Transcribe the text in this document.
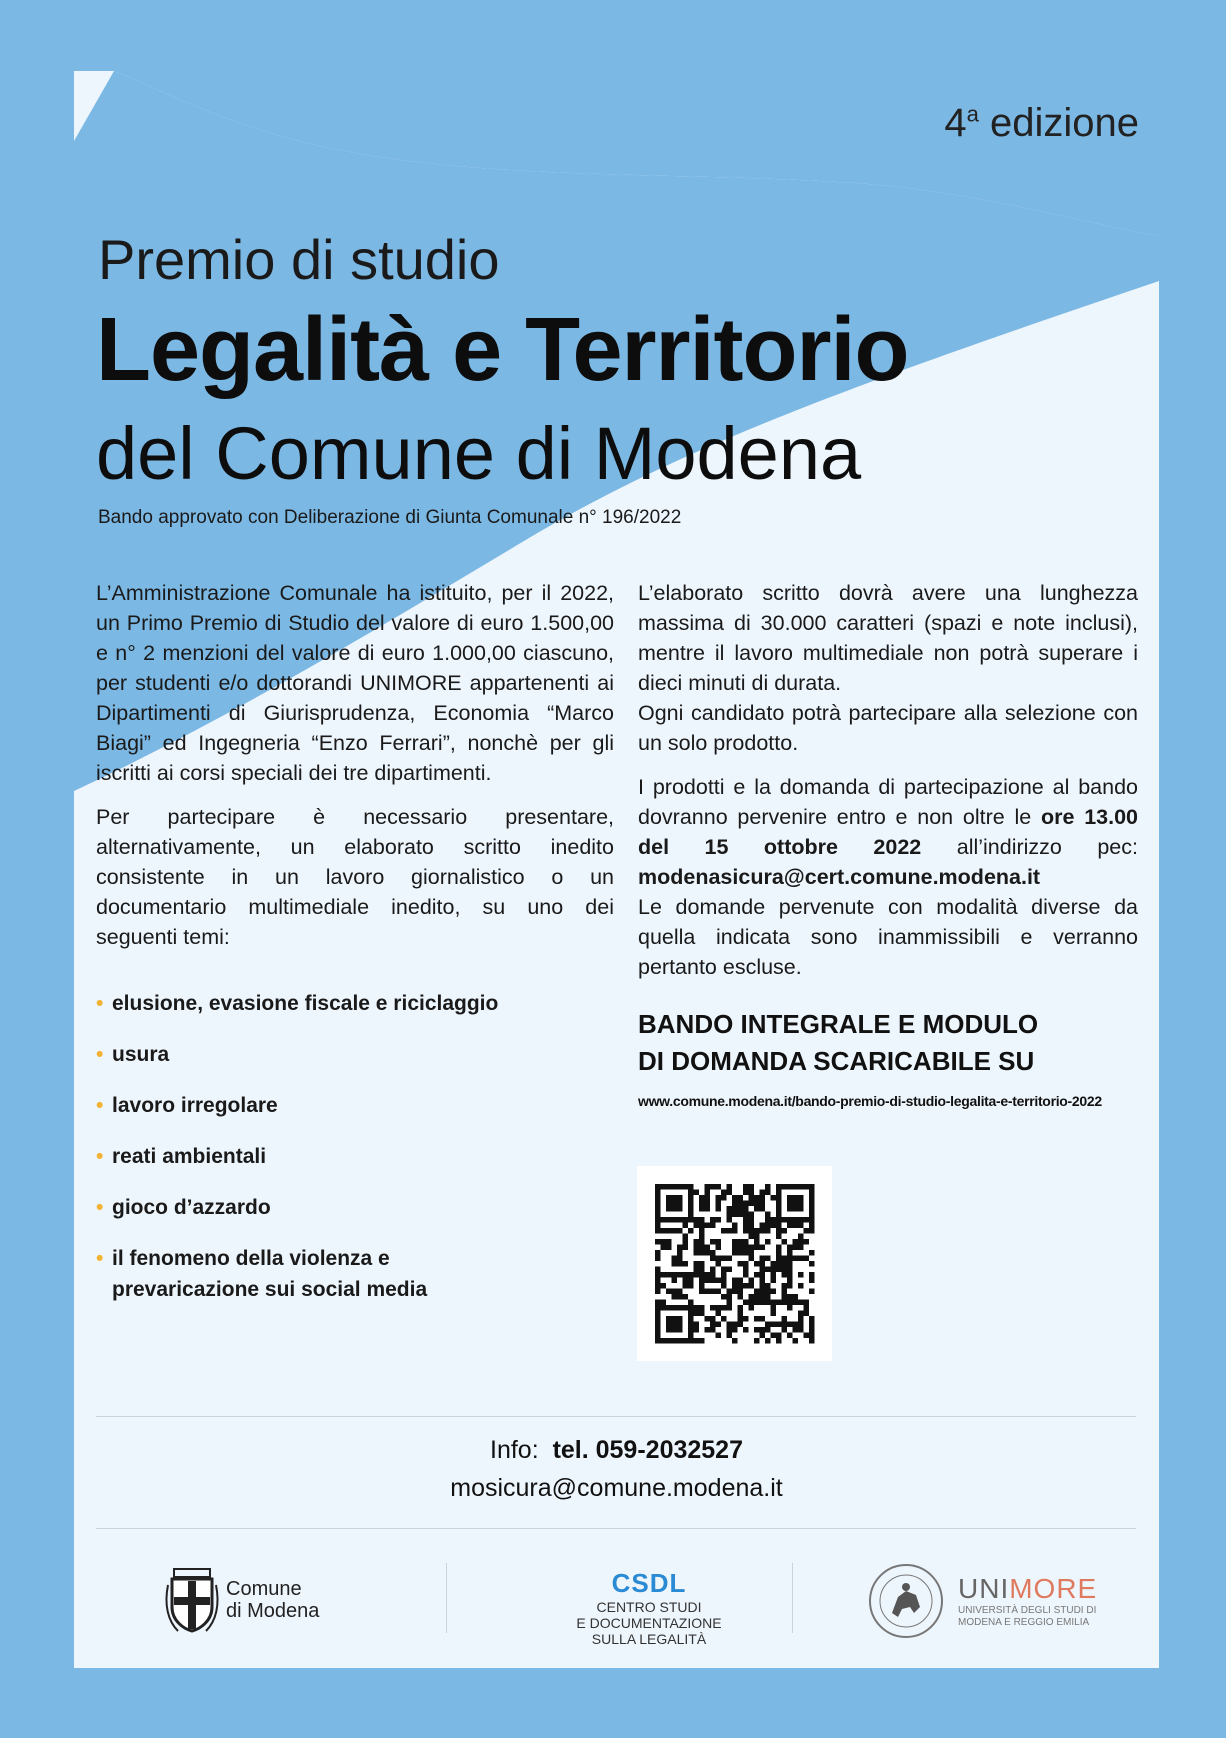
4$^a$ edizione
Premio di studio
Legalità e Territorio
del Comune di Modena
Bando approvato con Deliberazione di Giunta Comunale n° 196/2022

L’Amministrazione Comunale ha istituito, per il 2022, un Primo Premio di Studio del valore di euro 1.500,00 e n° 2 menzioni del valore di euro 1.000,00 ciascuno, per studenti e/o dottorandi UNIMORE appartenenti ai Dipartimenti di Giurisprudenza, Economia “Marco Biagi” ed Ingegneria “Enzo Ferrari”, nonchè per gli iscritti ai corsi speciali dei tre dipartimenti.

Per partecipare è necessario presentare, alternativamente, un elaborato scritto inedito consistente in un lavoro giornalistico o un documentario multimediale inedito, su uno dei seguenti temi:

• elusione, evasione fiscale e riciclaggio
• usura
• lavoro irregolare
• reati ambientali
• gioco d’azzardo
• il fenomeno della violenza e prevaricazione sui social media

L’elaborato scritto dovrà avere una lunghezza massima di 30.000 caratteri (spazi e note inclusi), mentre il lavoro multimediale non potrà superare i dieci minuti di durata.

Ogni candidato potrà partecipare alla selezione con un solo prodotto.

I prodotti e la domanda di partecipazione al bando dovranno pervenire entro e non oltre le ore 13.00 del 15 ottobre 2022 all’indirizzo pec: modenasicura@cert.comune.modena.it

Le domande pervenute con modalità diverse da quella indicata sono inammissibili e verranno pertanto escluse.

BANDO INTEGRALE E MODULO
DI DOMANDA SCARICABILE SU
www.comune.modena.it/bando-premio-di-studio-legalita-e-territorio-2022
Info: tel. 059-2032527
mosicura@comune.modena.it
Comune
di Modena
CSDL
CENTRO STUDI
E DOCUMENTAZIONE
SULLA LEGALITÀ
UNIMORE
UNIVERSITÀ DEGLI STUDI DI
MODENA E REGGIO EMILIA
